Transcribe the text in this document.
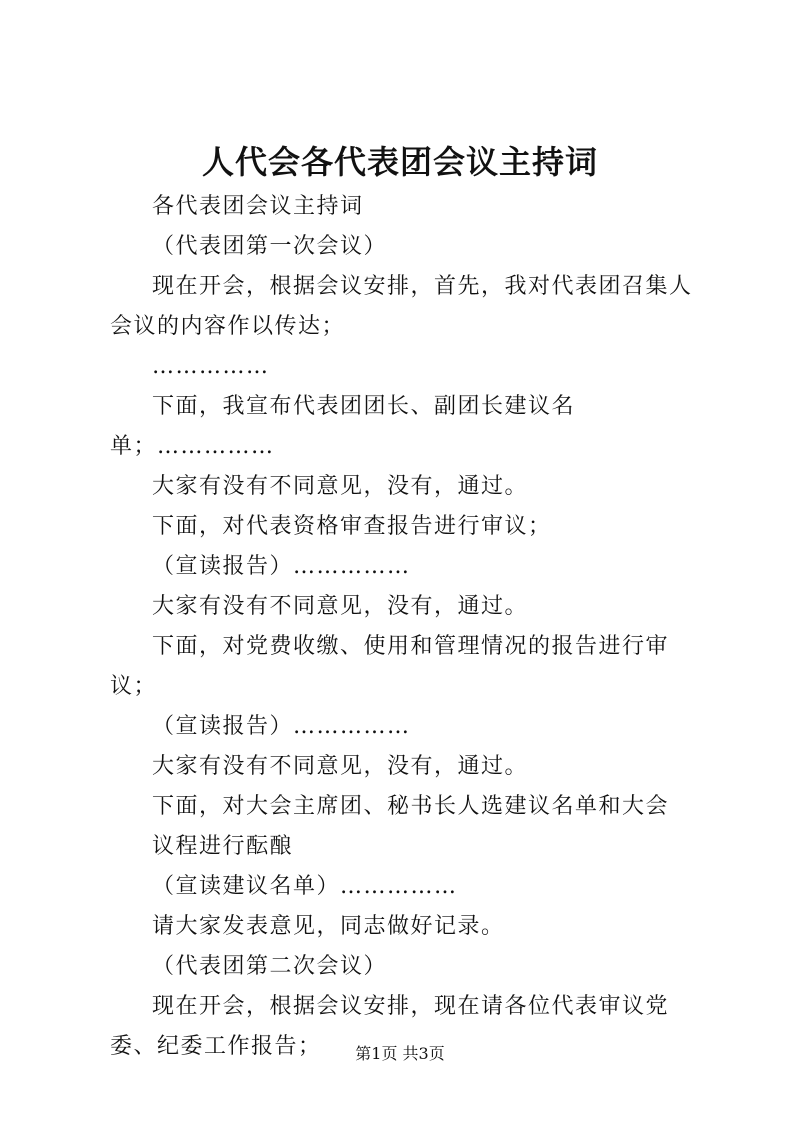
人代会各代表团会议主持词

各代表团会议主持词

（代表团第一次会议）

现在开会，根据会议安排，首先，我对代表团召集人会议的内容作以传达；

……………

下面，我宣布代表团团长、副团长建议名单；……………

大家有没有不同意见，没有，通过。

下面，对代表资格审查报告进行审议；

（宣读报告）……………

大家有没有不同意见，没有，通过。

下面，对党费收缴、使用和管理情况的报告进行审议；

（宣读报告）……………

大家有没有不同意见，没有，通过。

下面，对大会主席团、秘书长人选建议名单和大会

议程进行酝酿

（宣读建议名单）……………

请大家发表意见，同志做好记录。

（代表团第二次会议）

现在开会，根据会议安排，现在请各位代表审议党委、纪委工作报告；	第1页 共3页
